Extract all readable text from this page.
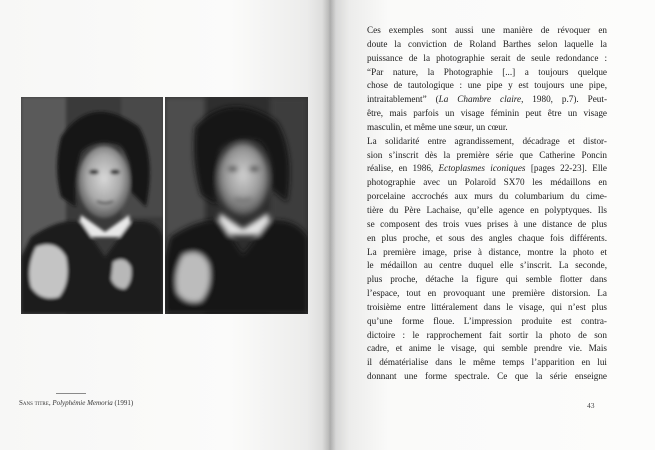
Sans titre, Polyphémie Memoria (1991)
Ces exemples sont aussi une manière de révoquer en
doute la conviction de Roland Barthes selon laquelle la
puissance de la photographie serait de seule redondance :
“Par nature, la Photographie [...] a toujours quelque
chose de tautologique : une pipe y est toujours une pipe,
intraitablement” (La Chambre claire, 1980, p.7). Peut-
être, mais parfois un visage féminin peut être un visage
masculin, et même une sœur, un cœur.
La solidarité entre agrandissement, décadrage et distor-
sion s’inscrit dès la première série que Catherine Poncin
réalise, en 1986, Ectoplasmes iconiques [pages 22-23]. Elle
photographie avec un Polaroïd SX70 les médaillons en
porcelaine accrochés aux murs du columbarium du cime-
tière du Père Lachaise, qu’elle agence en polyptyques. Ils
se composent des trois vues prises à une distance de plus
en plus proche, et sous des angles chaque fois différents.
La première image, prise à distance, montre la photo et
le médaillon au centre duquel elle s’inscrit. La seconde,
plus proche, détache la figure qui semble flotter dans
l’espace, tout en provoquant une première distorsion. La
troisième entre littéralement dans le visage, qui n’est plus
qu’une forme floue. L’impression produite est contra-
dictoire : le rapprochement fait sortir la photo de son
cadre, et anime le visage, qui semble prendre vie. Mais
il dématérialise dans le même temps l’apparition en lui
donnant une forme spectrale. Ce que la série enseigne
43
